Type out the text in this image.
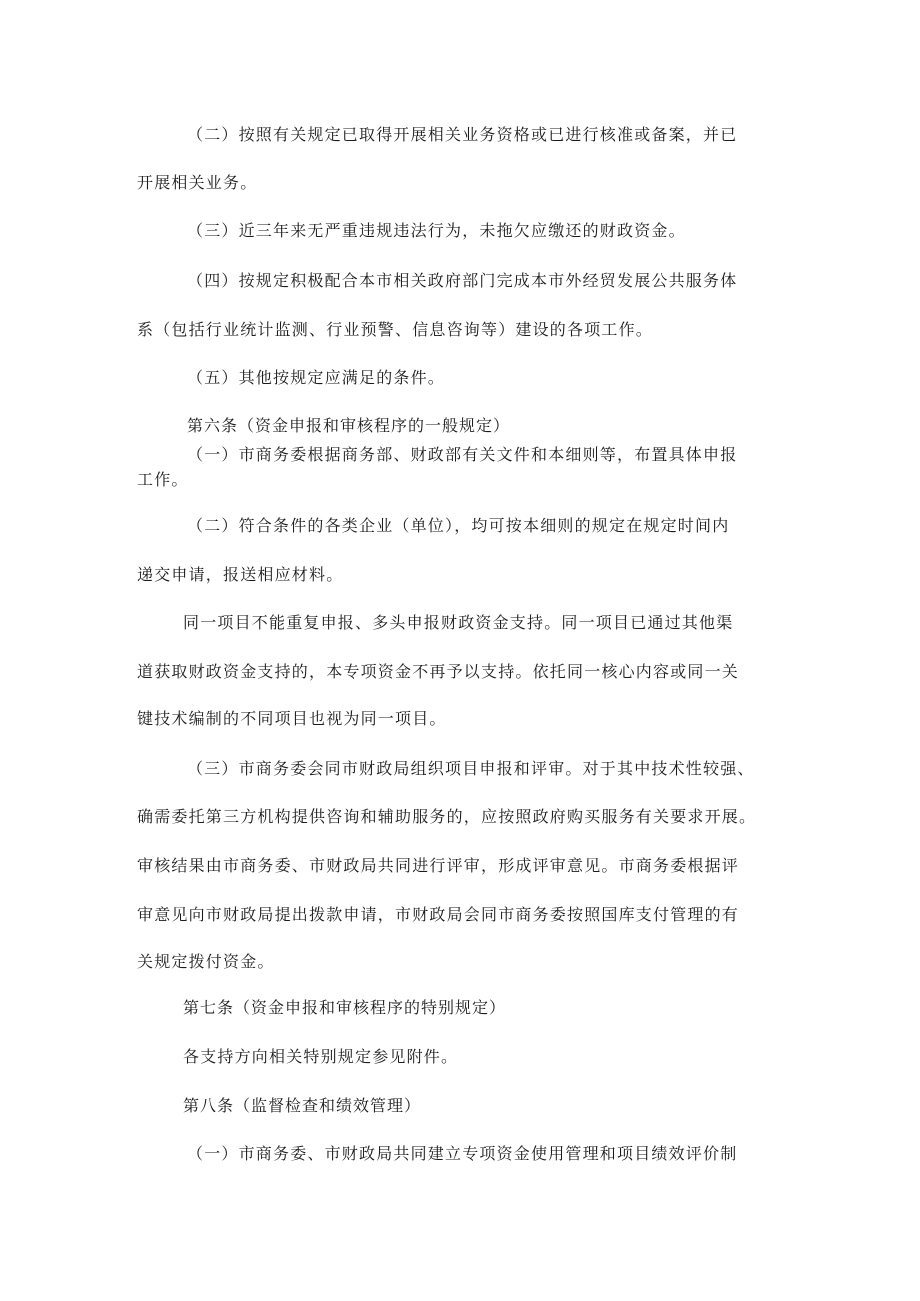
（二）按照有关规定已取得开展相关业务资格或已进行核准或备案，并已
开展相关业务。
（三）近三年来无严重违规违法行为，未拖欠应缴还的财政资金。
（四）按规定积极配合本市相关政府部门完成本市外经贸发展公共服务体
系（包括行业统计监测、行业预警、信息咨询等）建设的各项工作。
（五）其他按规定应满足的条件。
第六条（资金申报和审核程序的一般规定）
（一）市商务委根据商务部、财政部有关文件和本细则等，布置具体申报
工作。
（二）符合条件的各类企业（单位），均可按本细则的规定在规定时间内
递交申请，报送相应材料。
同一项目不能重复申报、多头申报财政资金支持。同一项目已通过其他渠
道获取财政资金支持的，本专项资金不再予以支持。依托同一核心内容或同一关
键技术编制的不同项目也视为同一项目。
（三）市商务委会同市财政局组织项目申报和评审。对于其中技术性较强、
确需委托第三方机构提供咨询和辅助服务的，应按照政府购买服务有关要求开展。
审核结果由市商务委、市财政局共同进行评审，形成评审意见。市商务委根据评
审意见向市财政局提出拨款申请，市财政局会同市商务委按照国库支付管理的有
关规定拨付资金。
第七条（资金申报和审核程序的特别规定）
各支持方向相关特别规定参见附件。
第八条（监督检查和绩效管理）
（一）市商务委、市财政局共同建立专项资金使用管理和项目绩效评价制
